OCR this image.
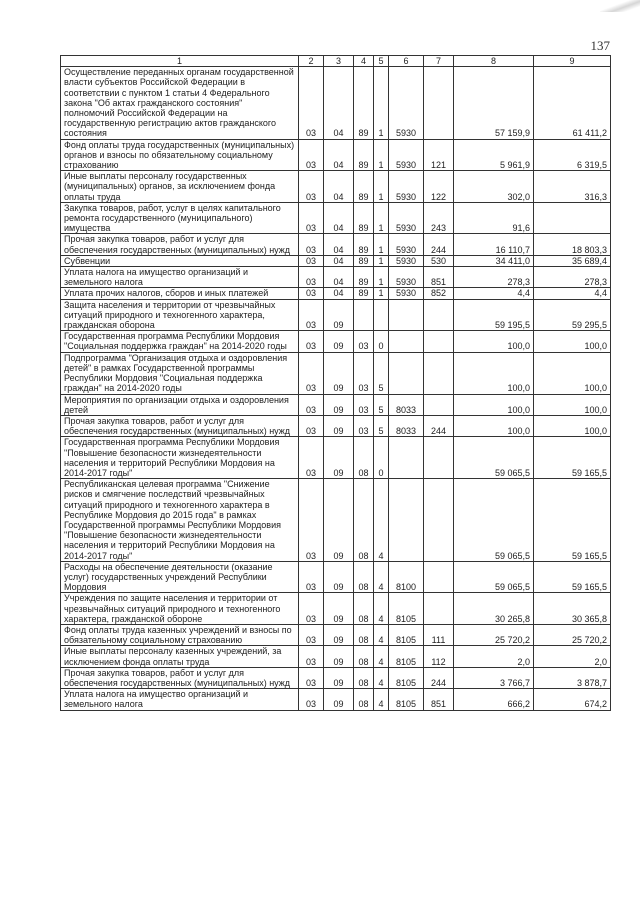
137
1	2	3	4	5	6	7	8	9
Осуществление переданных органам государственной власти субъектов Российской Федерации в соответствии с пунктом 1 статьи 4 Федерального закона "Об актах гражданского состояния" полномочий Российской Федерации на государственную регистрацию актов гражданского состояния	03	04	89	1	5930		57 159,9	61 411,2
Фонд оплаты труда государственных (муниципальных) органов и взносы по обязательному социальному страхованию	03	04	89	1	5930	121	5 961,9	6 319,5
Иные выплаты персоналу государственных (муниципальных) органов, за исключением фонда оплаты труда	03	04	89	1	5930	122	302,0	316,3
Закупка товаров, работ, услуг в целях капитального ремонта государственного (муниципального) имущества	03	04	89	1	5930	243	91,6	
Прочая закупка товаров, работ и услуг для обеспечения государственных (муниципальных) нужд	03	04	89	1	5930	244	16 110,7	18 803,3
Субвенции	03	04	89	1	5930	530	34 411,0	35 689,4
Уплата налога на имущество организаций и земельного налога	03	04	89	1	5930	851	278,3	278,3
Уплата прочих налогов, сборов и иных платежей	03	04	89	1	5930	852	4,4	4,4
Защита населения и территории от чрезвычайных ситуаций природного и техногенного характера, гражданская оборона	03	09					59 195,5	59 295,5
Государственная программа Республики Мордовия "Социальная поддержка граждан" на 2014-2020 годы	03	09	03	0			100,0	100,0
Подпрограмма "Организация отдыха и оздоровления детей" в рамках Государственной программы Республики Мордовия "Социальная поддержка граждан" на 2014-2020 годы	03	09	03	5			100,0	100,0
Мероприятия по организации отдыха и оздоровления детей	03	09	03	5	8033		100,0	100,0
Прочая закупка товаров, работ и услуг для обеспечения государственных (муниципальных) нужд	03	09	03	5	8033	244	100,0	100,0
Государственная программа Республики Мордовия "Повышение безопасности жизнедеятельности населения и территорий Республики Мордовия на 2014-2017 годы"	03	09	08	0			59 065,5	59 165,5
Республиканская целевая программа "Снижение рисков и смягчение последствий чрезвычайных ситуаций природного и техногенного характера в Республике Мордовия до 2015 года" в рамках Государственной программы Республики Мордовия "Повышение безопасности жизнедеятельности населения и территорий Республики Мордовия на 2014-2017 годы"	03	09	08	4			59 065,5	59 165,5
Расходы на обеспечение деятельности (оказание услуг) государственных учреждений Республики Мордовия	03	09	08	4	8100		59 065,5	59 165,5
Учреждения по защите населения и территории от чрезвычайных ситуаций природного и техногенного характера, гражданской обороне	03	09	08	4	8105		30 265,8	30 365,8
Фонд оплаты труда казенных учреждений и взносы по обязательному социальному страхованию	03	09	08	4	8105	111	25 720,2	25 720,2
Иные выплаты персоналу казенных учреждений, за исключением фонда оплаты труда	03	09	08	4	8105	112	2,0	2,0
Прочая закупка товаров, работ и услуг для обеспечения государственных (муниципальных) нужд	03	09	08	4	8105	244	3 766,7	3 878,7
Уплата налога на имущество организаций и земельного налога	03	09	08	4	8105	851	666,2	674,2
